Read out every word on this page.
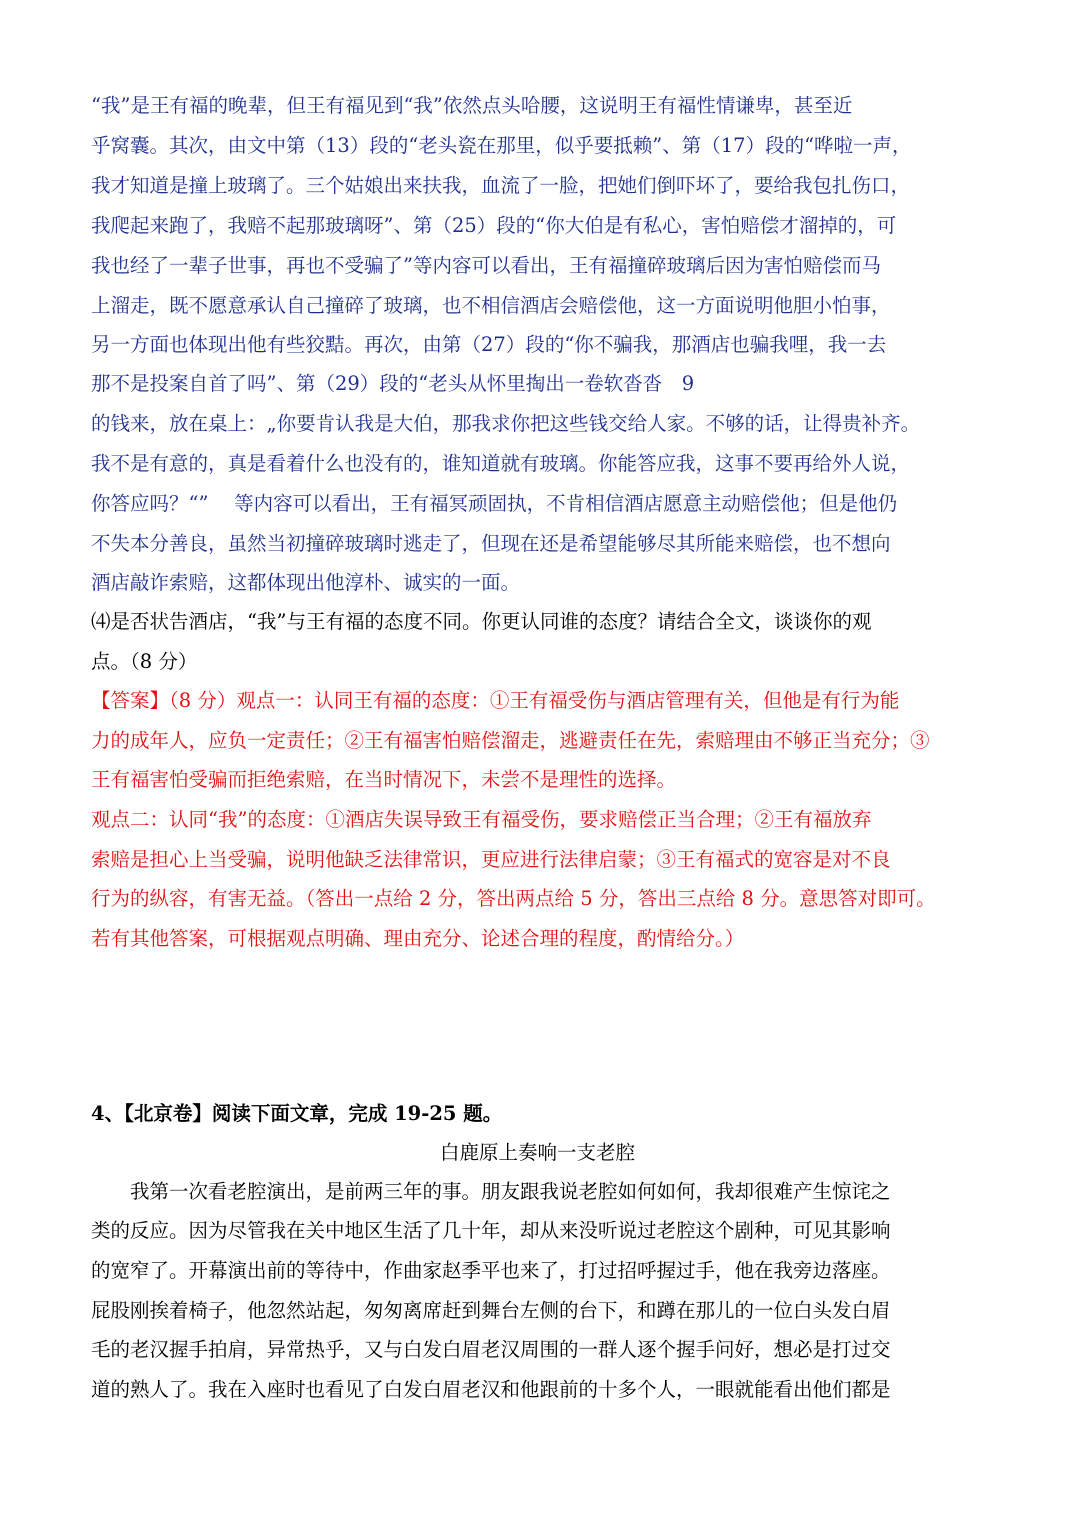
“我”是王有福的晚辈，但王有福见到“我”依然点头哈腰，这说明王有福性情谦卑，甚至近
乎窝囊。其次，由文中第（13）段的“老头瓷在那里，似乎要抵赖”、第（17）段的“哗啦一声，
我才知道是撞上玻璃了。三个姑娘出来扶我，血流了一脸，把她们倒吓坏了，要给我包扎伤口，
我爬起来跑了，我赔不起那玻璃呀”、第（25）段的“你大伯是有私心，害怕赔偿才溜掉的，可
我也经了一辈子世事，再也不受骗了”等内容可以看出，王有福撞碎玻璃后因为害怕赔偿而马
上溜走，既不愿意承认自己撞碎了玻璃，也不相信酒店会赔偿他，这一方面说明他胆小怕事，
另一方面也体现出他有些狡黠。再次，由第（27）段的“你不骗我，那酒店也骗我哩，我一去
那不是投案自首了吗”、第（29）段的“老头从怀里掏出一卷软沓沓　9
的钱来，放在桌上：„你要肯认我是大伯，那我求你把这些钱交给人家。不够的话，让得贵补齐。
我不是有意的，真是看着什么也没有的，谁知道就有玻璃。你能答应我，这事不要再给外人说，
你答应吗？“”　 等内容可以看出，王有福冥顽固执，不肯相信酒店愿意主动赔偿他；但是他仍
不失本分善良，虽然当初撞碎玻璃时逃走了，但现在还是希望能够尽其所能来赔偿，也不想向
酒店敲诈索赔，这都体现出他淳朴、诚实的一面。
⑷是否状告酒店，“我”与王有福的态度不同。你更认同谁的态度？请结合全文，谈谈你的观
点。（8 分）
【答案】（8 分）观点一：认同王有福的态度：①王有福受伤与酒店管理有关，但他是有行为能
力的成年人，应负一定责任；②王有福害怕赔偿溜走，逃避责任在先，索赔理由不够正当充分；③
王有福害怕受骗而拒绝索赔，在当时情况下，未尝不是理性的选择。
观点二：认同“我”的态度：①酒店失误导致王有福受伤，要求赔偿正当合理；②王有福放弃
索赔是担心上当受骗，说明他缺乏法律常识，更应进行法律启蒙；③王有福式的宽容是对不良
行为的纵容，有害无益。（答出一点给 2 分，答出两点给 5 分，答出三点给 8 分。意思答对即可。
若有其他答案，可根据观点明确、理由充分、论述合理的程度，酌情给分。）
4、【北京卷】阅读下面文章，完成 19-25 题。
白鹿原上奏响一支老腔
　　我第一次看老腔演出，是前两三年的事。朋友跟我说老腔如何如何，我却很难产生惊诧之
类的反应。因为尽管我在关中地区生活了几十年，却从来没听说过老腔这个剧种，可见其影响
的宽窄了。开幕演出前的等待中，作曲家赵季平也来了，打过招呼握过手，他在我旁边落座。
屁股刚挨着椅子，他忽然站起，匆匆离席赶到舞台左侧的台下，和蹲在那儿的一位白头发白眉
毛的老汉握手拍肩，异常热乎，又与白发白眉老汉周围的一群人逐个握手问好，想必是打过交
道的熟人了。我在入座时也看见了白发白眉老汉和他跟前的十多个人，一眼就能看出他们都是
